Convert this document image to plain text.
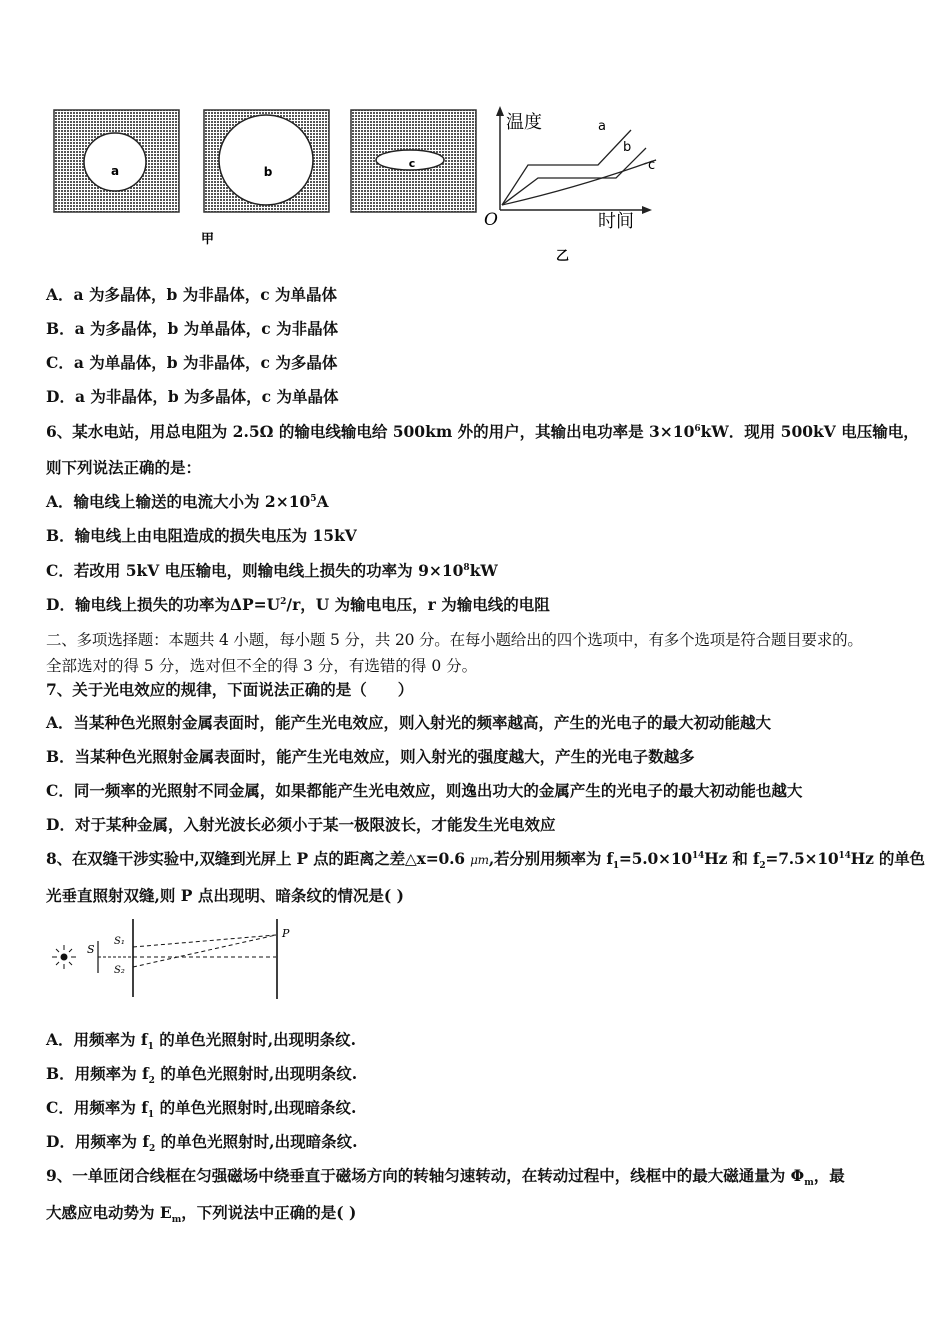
a	b
c
甲
温度
时间
O
a
b
c
乙
A．a 为多晶体，b 为非晶体，c 为单晶体
B．a 为多晶体，b 为单晶体，c 为非晶体
C．a 为单晶体，b 为非晶体，c 为多晶体
D．a 为非晶体，b 为多晶体，c 为单晶体
6、某水电站，用总电阻为 2.5Ω 的输电线输电给 500km 外的用户，其输出电功率是 $3\times 10^6kW$．现用 500kV 电压输电，
则下列说法正确的是：
A．输电线上输送的电流大小为 $2\times 10^5A$
B．输电线上由电阻造成的损失电压为 15kV
C．若改用 5kV 电压输电，则输电线上损失的功率为 $9\times 10^8kW$
D．输电线上损失的功率为$\Delta P=U^2/r$，U 为输电电压，r 为输电线的电阻
二、多项选择题：本题共 4 小题，每小题 5 分，共 20 分。在每小题给出的四个选项中，有多个选项是符合题目要求的。
全部选对的得 5 分，选对但不全的得 3 分，有选错的得 0 分。
7、关于光电效应的规律，下面说法正确的是（　　）
A．当某种色光照射金属表面时，能产生光电效应，则入射光的频率越高，产生的光电子的最大初动能越大
B．当某种色光照射金属表面时，能产生光电效应，则入射光的强度越大，产生的光电子数越多
C．同一频率的光照射不同金属，如果都能产生光电效应，则逸出功大的金属产生的光电子的最大初动能也越大
D．对于某种金属，入射光波长必须小于某一极限波长，才能发生光电效应
8、在双缝干涉实验中,双缝到光屏上 P 点的距离之差△x=0.6 μm,若分别用频率为 $f_1=5.0\times 10^{14}Hz$ 和 $f_2=7.5\times 10^{14}Hz$ 的单色
光垂直照射双缝,则 P 点出现明、暗条纹的情况是( )
S
S₁
S₂
P
A．用频率为 $f_1$ 的单色光照射时,出现明条纹.
B．用频率为 $f_2$ 的单色光照射时,出现明条纹.
C．用频率为 $f_1$ 的单色光照射时,出现暗条纹.
D．用频率为 $f_2$ 的单色光照射时,出现暗条纹.
9、一单匝闭合线框在匀强磁场中绕垂直于磁场方向的转轴匀速转动，在转动过程中，线框中的最大磁通量为 $\Phi_m$，最
大感应电动势为 $E_m$，下列说法中正确的是( )
